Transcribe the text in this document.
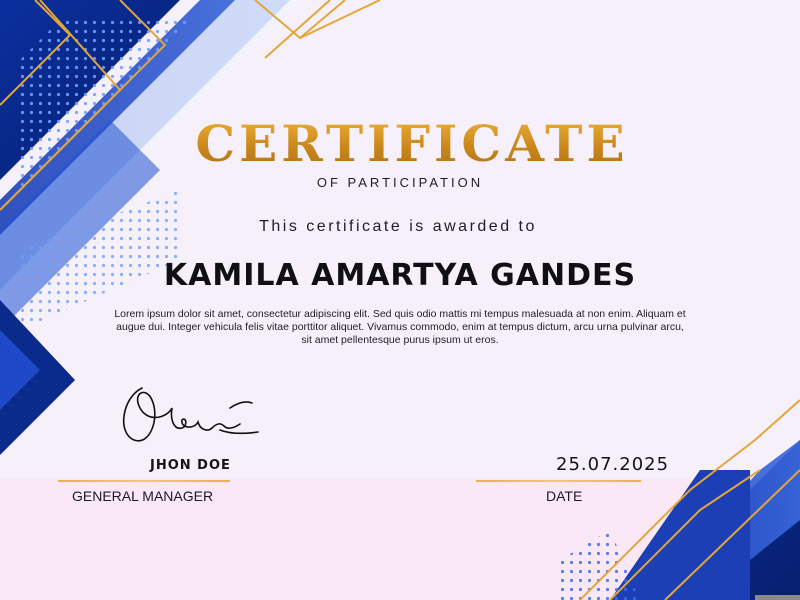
CERTIFICATE
OF PARTICIPATION
This certificate is awarded to
KAMILA AMARTYA GANDES
Lorem ipsum dolor sit amet, consectetur adipiscing elit. Sed quis odio mattis mi tempus malesuada at non enim. Aliquam et augue dui. Integer vehicula felis vitae porttitor aliquet. Vivamus commodo, enim at tempus dictum, arcu urna pulvinar arcu, sit amet pellentesque purus ipsum ut eros.
JHON DOE
GENERAL MANAGER
25.07.2025
DATE
